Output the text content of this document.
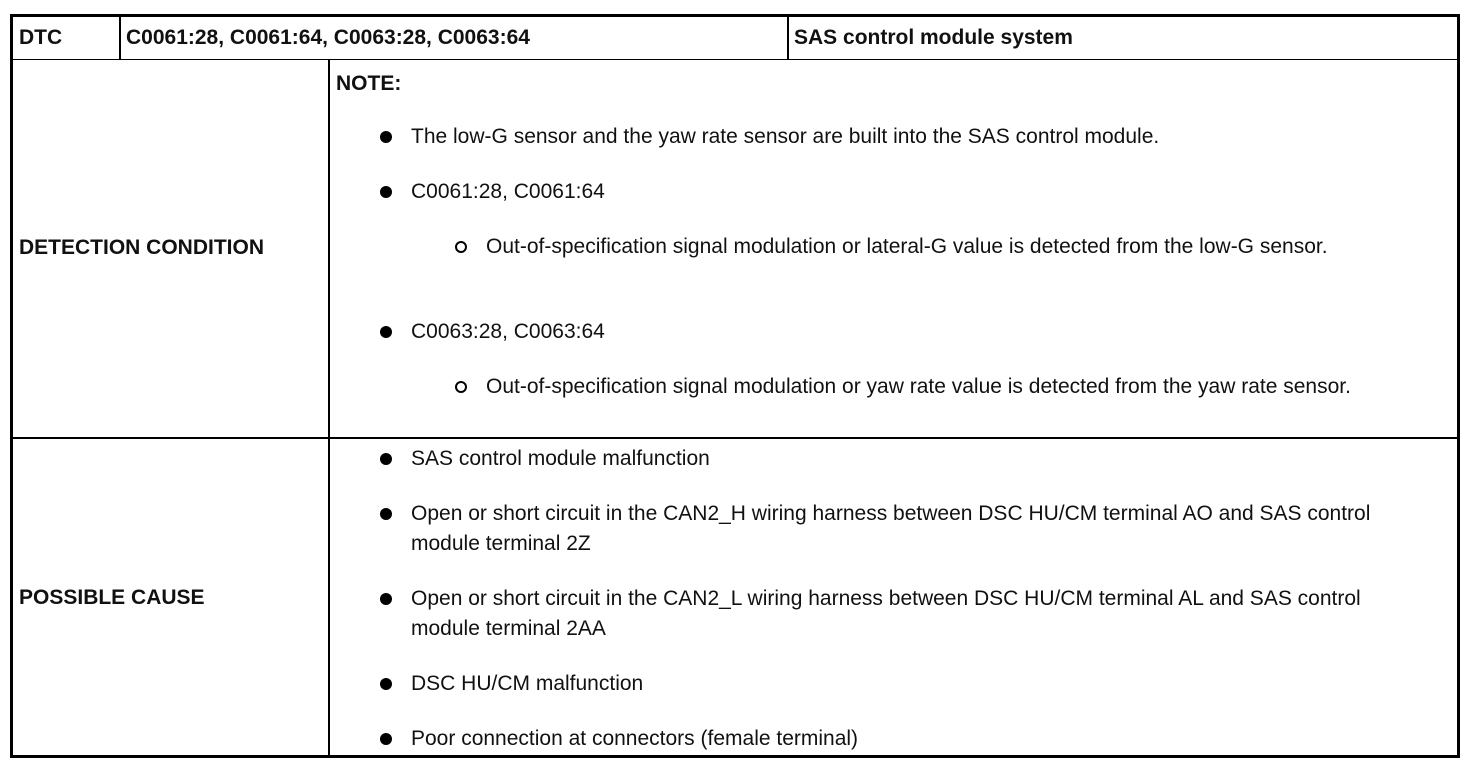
DTC	C0061:28, C0061:64, C0063:28, C0063:64	SAS control module system
DETECTION CONDITION
NOTE:
The low-G sensor and the yaw rate sensor are built into the SAS control module.
C0061:28, C0061:64
Out-of-specification signal modulation or lateral-G value is detected from the low-G sensor.
C0063:28, C0063:64
Out-of-specification signal modulation or yaw rate value is detected from the yaw rate sensor.
POSSIBLE CAUSE
SAS control module malfunction
Open or short circuit in the CAN2_H wiring harness between DSC HU/CM terminal AO and SAS control module terminal 2Z
Open or short circuit in the CAN2_L wiring harness between DSC HU/CM terminal AL and SAS control module terminal 2AA
DSC HU/CM malfunction
Poor connection at connectors (female terminal)
